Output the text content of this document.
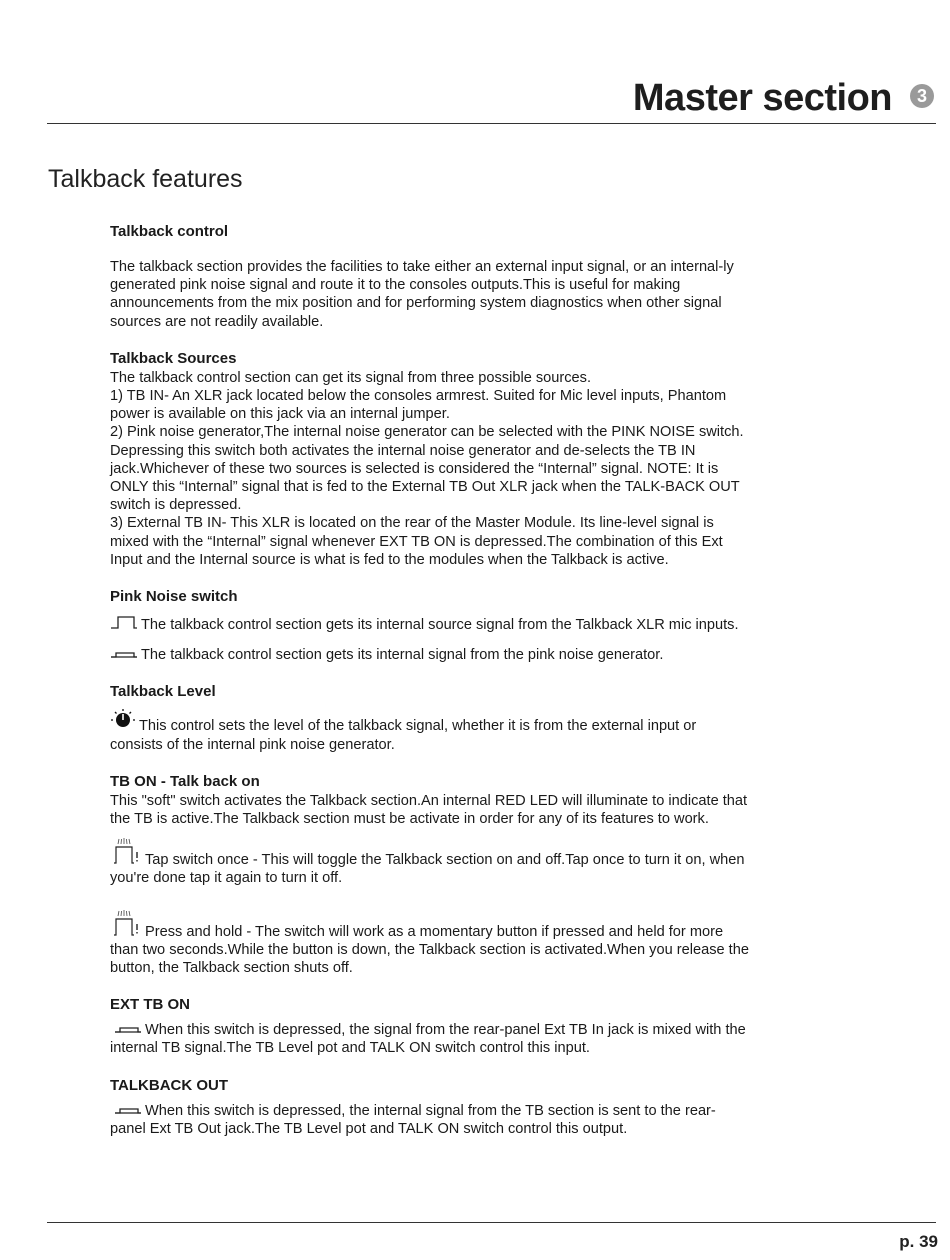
Master section	3
Talkback features
Talkback control

The talkback section provides the facilities to take either an external input signal, or an internal-ly generated pink noise signal and route it to the consoles outputs.This is useful for making announcements from the mix position and for performing system diagnostics when other signal sources are not readily available.

Talkback Sources

The talkback control section can get its signal from three possible sources.

1) TB IN- An XLR jack located below the consoles armrest. Suited for Mic level inputs, Phantom power is available on this jack via an internal jumper.

2) Pink noise generator,The internal noise generator can be selected with the PINK NOISE switch. Depressing this switch both activates the internal noise generator and de-selects the TB IN jack.Whichever of these two sources is selected is considered the “Internal” signal. NOTE: It is ONLY this “Internal” signal that is fed to the External TB Out XLR jack when the TALK-BACK OUT switch is depressed.

3) External TB IN- This XLR is located on the rear of the Master Module. Its line-level signal is mixed with the “Internal” signal whenever EXT TB ON is depressed.The combination of this Ext Input and the Internal source is what is fed to the modules when the Talkback is active.

Pink Noise switch

The talkback control section gets its internal source signal from the Talkback XLR mic inputs.

The talkback control section gets its internal signal from the pink noise generator.

Talkback Level

This control sets the level of the talkback signal, whether it is from the external input or consists of the internal pink noise generator.

TB ON - Talk back on

This "soft" switch activates the Talkback section.An internal RED LED will illuminate to indicate that the TB is active.The Talkback section must be activate in order for any of its features to work.

Tap switch once - This will toggle the Talkback section on and off.Tap once to turn it on, when you're done tap it again to turn it off.

Press and hold - The switch will work as a momentary button if pressed and held for more than two seconds.While the button is down, the Talkback section is activated.When you release the button, the Talkback section shuts off.

EXT TB ON

When this switch is depressed, the signal from the rear-panel Ext TB In jack is mixed with the internal TB signal.The TB Level pot and TALK ON switch control this input.

TALKBACK OUT

When this switch is depressed, the internal signal from the TB section is sent to the rear-panel Ext TB Out jack.The TB Level pot and TALK ON switch control this output.

p. 39
